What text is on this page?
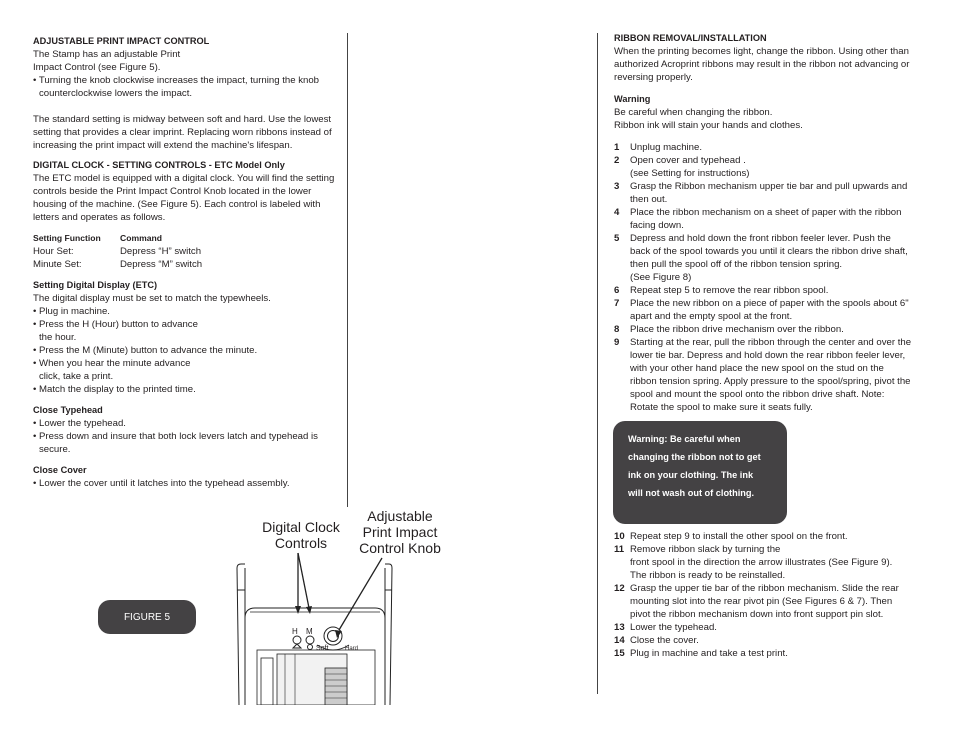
ADJUSTABLE PRINT IMPACT CONTROL

The Stamp has an adjustable Print

Impact Control (see Figure 5).

• Turning the knob clockwise increases the impact, turning the knob counterclockwise lowers the impact.

The standard setting is midway between soft and hard. Use the lowest setting that provides a clear imprint. Replacing worn ribbons instead of increasing the print impact will extend the machine's lifespan.

DIGITAL CLOCK - SETTING CONTROLS - ETC Model Only

The ETC model is equipped with a digital clock. You will find the setting controls beside the Print Impact Control Knob located in the lower housing of the machine. (See Figure 5). Each control is labeled with letters and operates as follows.

Setting Function	Command
Hour Set:	Depress “H” switch
Minute Set:	Depress “M” switch
Setting Digital Display (ETC)

The digital display must be set to match the typewheels.

• Plug in machine.

• Press the H (Hour) button to advance

the hour.

• Press the M (Minute) button to advance the minute.

• When you hear the minute advance

click, take a print.

• Match the display to the printed time.

Close Typehead

• Lower the typehead.

• Press down and insure that both lock levers latch and typehead is secure.

Close Cover

• Lower the cover until it latches into the typehead assembly.

FIGURE 5
Digital Clock
Controls
Adjustable
Print Impact
Control Knob
H M
Soft	Hard
RIBBON REMOVAL/INSTALLATION

When the printing becomes light, change the ribbon. Using other than authorized Acroprint ribbons may result in the ribbon not advancing or reversing properly.

Warning

Be careful when changing the ribbon.

Ribbon ink will stain your hands and clothes.

1	Unplug machine.
2	Open cover and typehead .
(see Setting for instructions)
3	Grasp the Ribbon mechanism upper tie bar and pull upwards and then out.
4	Place the ribbon mechanism on a sheet of paper with the ribbon facing down.
5	Depress and hold down the front ribbon feeler lever. Push the back of the spool towards you until it clears the ribbon drive shaft, then pull the spool off of the ribbon tension spring.
(See Figure 8)
6	Repeat step 5 to remove the rear ribbon spool.
7	Place the new ribbon on a piece of paper with the spools about 6" apart and the empty spool at the front.
8	Place the ribbon drive mechanism over the ribbon.
9	Starting at the rear, pull the ribbon through the center and over the lower tie bar. Depress and hold down the rear ribbon feeler lever, with your other hand place the new spool on the stud on the ribbon tension spring. Apply pressure to the spool/spring, pivot the spool and mount the spool onto the ribbon drive shaft. Note: Rotate the spool to make sure it seats fully.
Warning: Be careful when
changing the ribbon not to get
ink on your clothing. The ink
will not wash out of clothing.
10 Repeat step 9 to install the other spool on the front.
11 Remove ribbon slack by turning the
front spool in the direction the arrow illustrates (See Figure 9).
The ribbon is ready to be reinstalled.
12 Grasp the upper tie bar of the ribbon mechanism. Slide the rear mounting slot into the rear pivot pin (See Figures 6 & 7). Then pivot the ribbon mechanism down into front support pin slot.
13 Lower the typehead.
14 Close the cover.
15 Plug in machine and take a test print.
